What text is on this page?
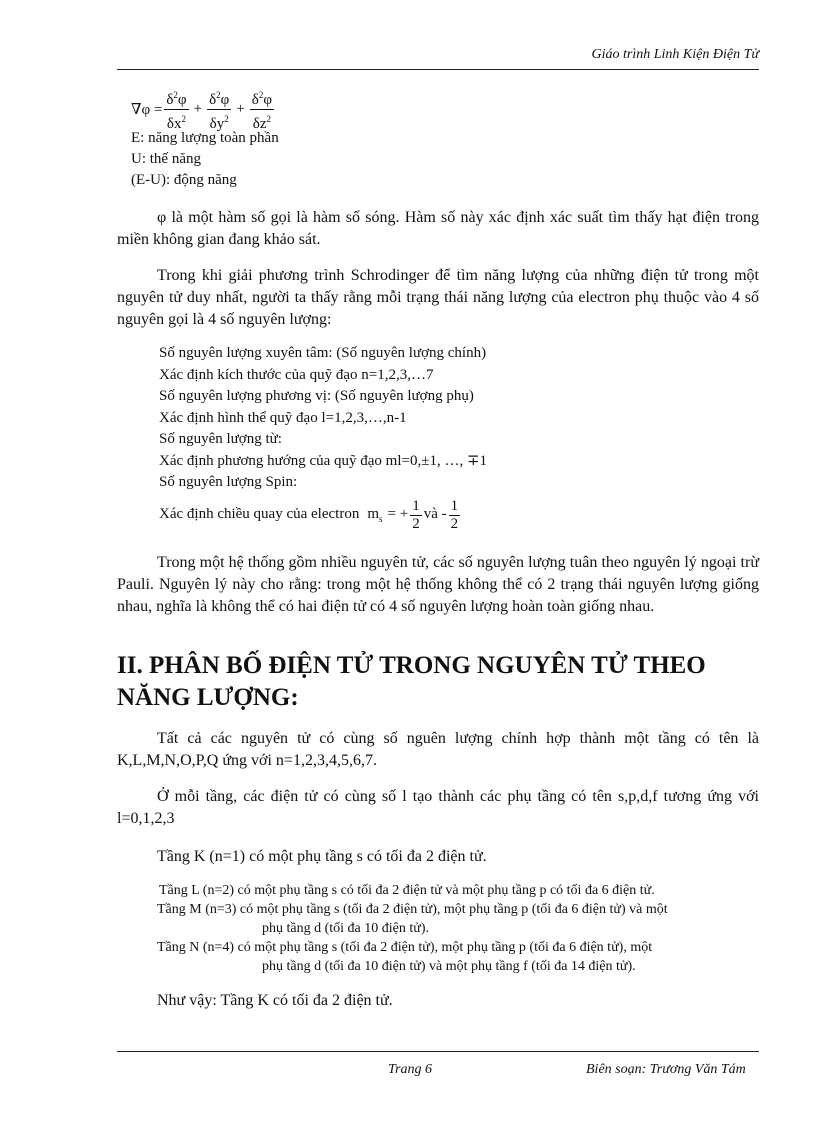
Giáo trình Linh Kiện Điện Tử
$\nabla\varphi = \frac{\delta^2\varphi}{\delta x^2} + \frac{\delta^2\varphi}{\delta y^2} + \frac{\delta^2\varphi}{\delta z^2}$
E: năng lượng toàn phần
U: thế năng
(E-U): động năng
φ là một hàm số gọi là hàm số sóng. Hàm số này xác định xác suất tìm thấy hạt điện trong miền không gian đang khảo sát.
Trong khi giải phương trình Schrodinger để tìm năng lượng của những điện tử trong một nguyên tử duy nhất, người ta thấy rằng mỗi trạng thái năng lượng của electron phụ thuộc vào 4 số nguyên gọi là 4 số nguyên lượng:
Số nguyên lượng xuyên tâm: (Số nguyên lượng chính)
Xác định kích thước của quỹ đạo n=1,2,3,…7
Số nguyên lượng phương vị: (Số nguyên lượng phụ)
Xác định hình thể quỹ đạo l=1,2,3,…,n-1
Số nguyên lượng từ:
Xác định phương hướng của quỹ đạo ml=0,±1, …, ∓1
Số nguyên lượng Spin:
Xác định chiều quay của electron m s = + $\frac{1}{2}$ và - $\frac{1}{2}$
Trong một hệ thống gồm nhiều nguyên tử, các số nguyên lượng tuân theo nguyên lý ngoại trừ Pauli. Nguyên lý này cho rằng: trong một hệ thống không thể có 2 trạng thái nguyên lượng giống nhau, nghĩa là không thể có hai điện tử có 4 số nguyên lượng hoàn toàn giống nhau.
II. PHÂN BỐ ĐIỆN TỬ TRONG NGUYÊN TỬ THEO NĂNG LƯỢNG:
Tất cả các nguyên tử có cùng số nguên lượng chính hợp thành một tầng có tên là K,L,M,N,O,P,Q ứng với n=1,2,3,4,5,6,7.
Ở mỗi tầng, các điện tử có cùng số l tạo thành các phụ tầng có tên s,p,d,f tương ứng với l=0,1,2,3
Tầng K (n=1) có một phụ tầng s có tối đa 2 điện tử.
Tầng L (n=2) có một phụ tầng s có tối đa 2 điện tử và một phụ tầng p có tối đa 6 điện tử.
Tầng M (n=3) có một phụ tầng s (tối đa 2 điện tử), một phụ tầng p (tối đa 6 điện tử) và một
phụ tầng d (tối đa 10 điện tử).
Tầng N (n=4) có một phụ tầng s (tối đa 2 điện tử), một phụ tầng p (tối đa 6 điện tử), một
phụ tầng d (tối đa 10 điện tử) và một phụ tầng f (tối đa 14 điện tử).
Như vậy: Tầng K có tối đa 2 điện tử.
Trang 6	Biên soạn: Trương Văn Tám
